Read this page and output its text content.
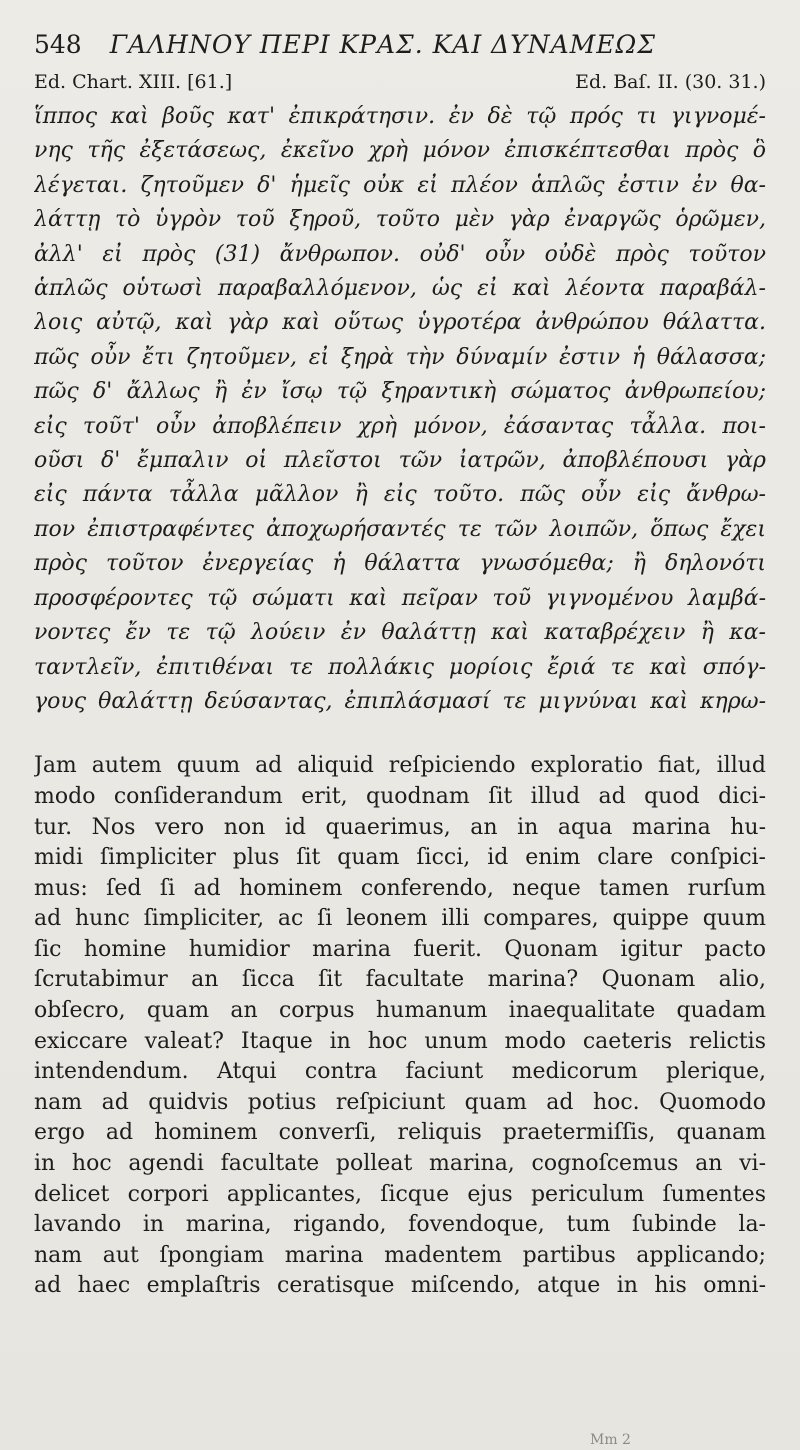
548 ΓΑΛΗΝΟΥ ΠΕΡΙ ΚΡΑΣ. ΚΑΙ ΔΥΝΑΜΕΩΣ
Ed. Chart. XIII. [61.]	Ed. Baſ. II. (30. 31.)
ἵππος καὶ βοῦς κατ' ἐπικράτησιν. ἐν δὲ τῷ πρός τι γιγνομέ-
νης τῆς ἐξετάσεως, ἐκεῖνο χρὴ μόνον ἐπισκέπτεσθαι πρὸς ὃ
λέγεται. ζητοῦμεν δ' ἡμεῖς οὐκ εἰ πλέον ἁπλῶς ἐστιν ἐν θα-
λάττῃ τὸ ὑγρὸν τοῦ ξηροῦ, τοῦτο μὲν γὰρ ἐναργῶς ὁρῶμεν,
ἀλλ' εἰ πρὸς (31) ἄνθρωπον. οὐδ' οὖν οὐδὲ πρὸς τοῦτον
ἁπλῶς οὑτωσὶ παραβαλλόμενον, ὡς εἰ καὶ λέοντα παραβάλ-
λοις αὐτῷ, καὶ γὰρ καὶ οὕτως ὑγροτέρα ἀνθρώπου θάλαττα.
πῶς οὖν ἔτι ζητοῦμεν, εἰ ξηρὰ τὴν δύναμίν ἐστιν ἡ θάλασσα;
πῶς δ' ἄλλως ἢ ἐν ἴσῳ τῷ ξηραντικὴ σώματος ἀνθρωπείου;
εἰς τοῦτ' οὖν ἀποβλέπειν χρὴ μόνον, ἐάσαντας τἆλλα. ποι-
οῦσι δ' ἔμπαλιν οἱ πλεῖστοι τῶν ἰατρῶν, ἀποβλέπουσι γὰρ
εἰς πάντα τἆλλα μᾶλλον ἢ εἰς τοῦτο. πῶς οὖν εἰς ἄνθρω-
πον ἐπιστραφέντες ἀποχωρήσαντές τε τῶν λοιπῶν, ὅπως ἔχει
πρὸς τοῦτον ἐνεργείας ἡ θάλαττα γνωσόμεθα; ἢ δηλονότι
προσφέροντες τῷ σώματι καὶ πεῖραν τοῦ γιγνομένου λαμβά-
νοντες ἔν τε τῷ λούειν ἐν θαλάττῃ καὶ καταβρέχειν ἢ κα-
ταντλεῖν, ἐπιτιθέναι τε πολλάκις μορίοις ἔριά τε καὶ σπόγ-
γους θαλάττῃ δεύσαντας, ἐπιπλάσμασί τε μιγνύναι καὶ κηρω-
Jam autem quum ad aliquid reſpiciendo exploratio fiat, illud
modo conſiderandum erit, quodnam ſit illud ad quod dici-
tur. Nos vero non id quaerimus, an in aqua marina hu-
midi ſimpliciter plus ſit quam ſicci, id enim clare conſpici-
mus: ſed ſi ad hominem conferendo, neque tamen rurſum
ad hunc ſimpliciter, ac ſi leonem illi compares, quippe quum
ſic homine humidior marina fuerit. Quonam igitur pacto
ſcrutabimur an ſicca ſit facultate marina? Quonam alio,
obſecro, quam an corpus humanum inaequalitate quadam
exiccare valeat? Itaque in hoc unum modo caeteris relictis
intendendum. Atqui contra faciunt medicorum plerique,
nam ad quidvis potius reſpiciunt quam ad hoc. Quomodo
ergo ad hominem converſi, reliquis praetermiſſis, quanam
in hoc agendi facultate polleat marina, cognoſcemus an vi-
delicet corpori applicantes, ſicque ejus periculum ſumentes
lavando in marina, rigando, fovendoque, tum ſubinde la-
nam aut ſpongiam marina madentem partibus applicando;
ad haec emplaſtris ceratisque miſcendo, atque in his omni-
Mm 2
